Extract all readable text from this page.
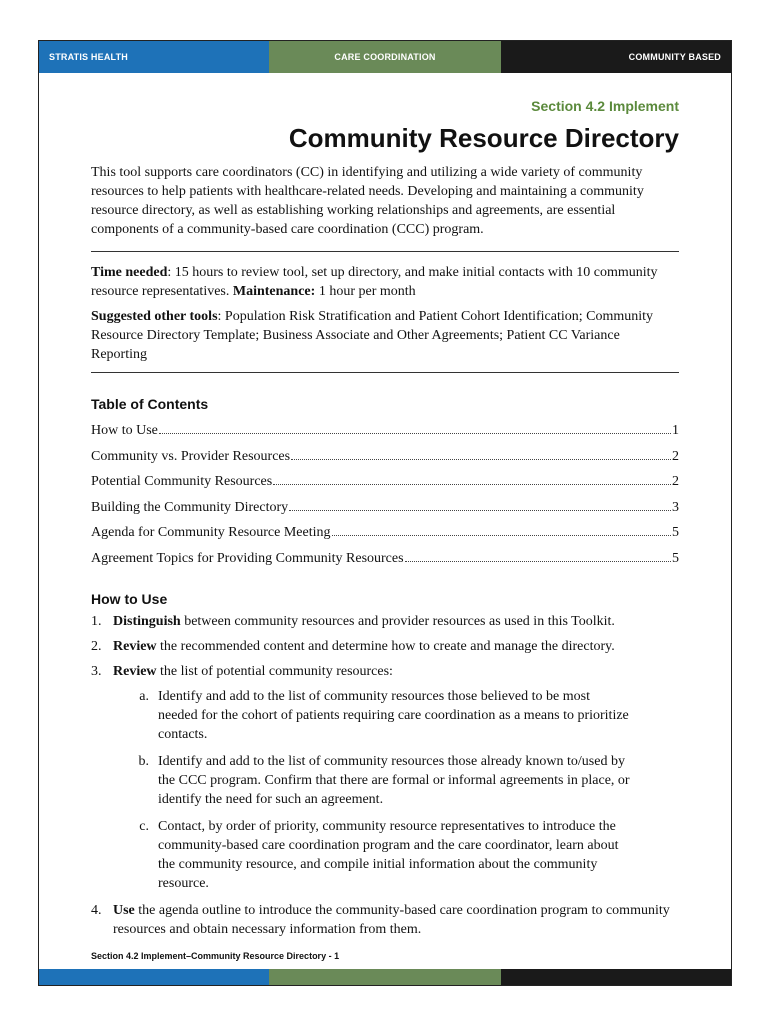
STRATIS HEALTH	CARE COORDINATION	COMMUNITY BASED
Section 4.2 Implement
Community Resource Directory

This tool supports care coordinators (CC) in identifying and utilizing a wide variety of community resources to help patients with healthcare-related needs. Developing and maintaining a community resource directory, as well as establishing working relationships and agreements, are essential components of a community-based care coordination (CCC) program.

Time needed: 15 hours to review tool, set up directory, and make initial contacts with 10 community resource representatives. Maintenance: 1 hour per month

Suggested other tools: Population Risk Stratification and Patient Cohort Identification; Community Resource Directory Template; Business Associate and Other Agreements; Patient CC Variance Reporting

Table of Contents
How to Use	1
Community vs. Provider Resources	2
Potential Community Resources	2
Building the Community Directory	3
Agenda for Community Resource Meeting	5
Agreement Topics for Providing Community Resources	5
How to Use
1. Distinguish between community resources and provider resources as used in this Toolkit.
2. Review the recommended content and determine how to create and manage the directory.
3. Review the list of potential community resources:
a. Identify and add to the list of community resources those believed to be most needed for the cohort of patients requiring care coordination as a means to prioritize contacts.
b. Identify and add to the list of community resources those already known to/used by the CCC program. Confirm that there are formal or informal agreements in place, or identify the need for such an agreement.
c. Contact, by order of priority, community resource representatives to introduce the community-based care coordination program and the care coordinator, learn about the community resource, and compile initial information about the community resource.
4. Use the agenda outline to introduce the community-based care coordination program to community resources and obtain necessary information from them.
Section 4.2 Implement–Community Resource Directory - 1
